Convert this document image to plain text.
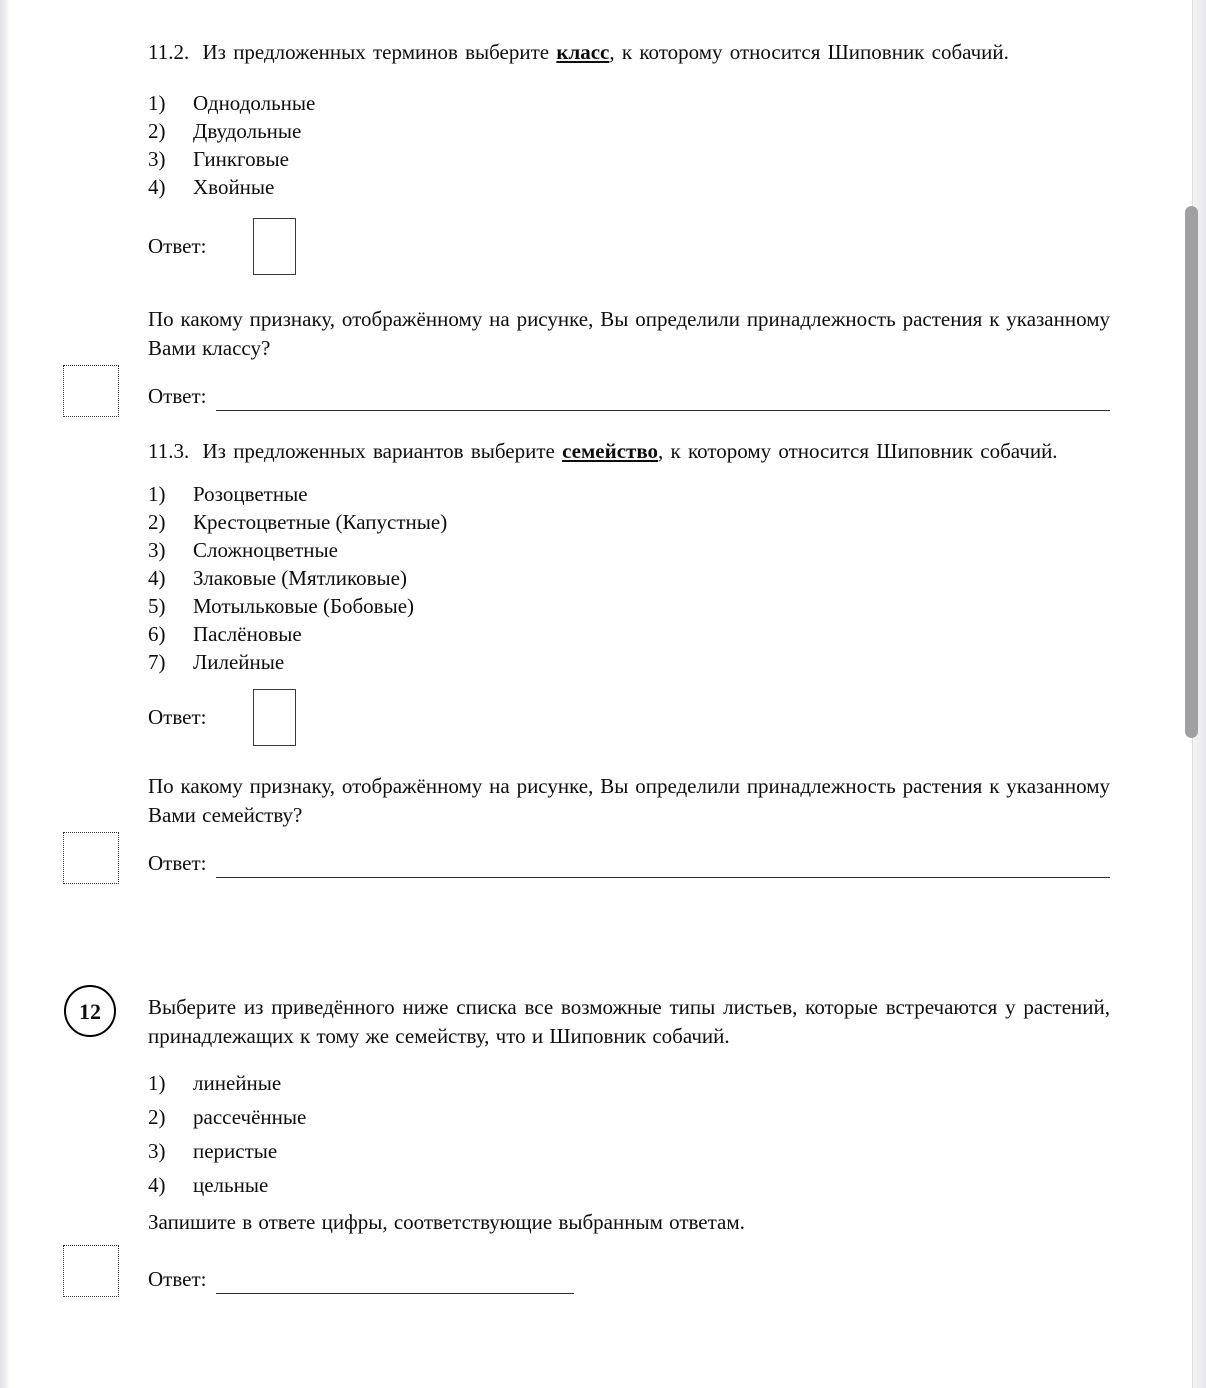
11.2. Из предложенных терминов выберите класс, к которому относится Шиповник собачий.

1)	Однодольные
2)	Двудольные
3)	Гинкговые
4)	Хвойные
Ответ:

По какому признаку, отображённому на рисунке, Вы определили принадлежность растения к указанному Вами классу?

Ответ:

11.3. Из предложенных вариантов выберите семейство, к которому относится Шиповник собачий.

1)	Розоцветные
2)	Крестоцветные (Капустные)
3)	Сложноцветные
4)	Злаковые (Мятликовые)
5)	Мотыльковые (Бобовые)
6)	Паслёновые
7)	Лилейные
Ответ:

По какому признаку, отображённому на рисунке, Вы определили принадлежность растения к указанному Вами семейству?

Ответ:
12	Выберите из приведённого ниже списка все возможные типы листьев, которые встречаются у растений, принадлежащих к тому же семейству, что и Шиповник собачий.

1)	линейные
2)	рассечённые
3)	перистые
4)	цельные

Запишите в ответе цифры, соответствующие выбранным ответам.

Ответ:
